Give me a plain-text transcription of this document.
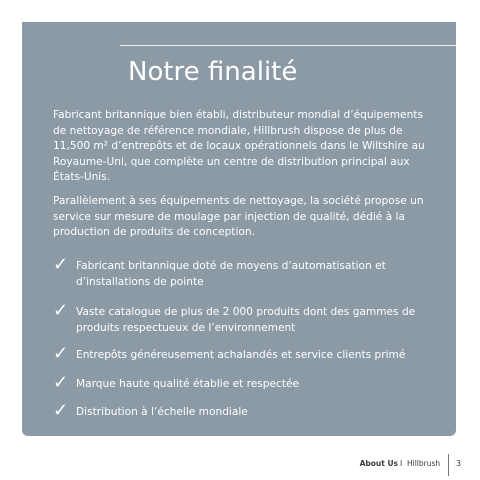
Notre finalité

Fabricant britannique bien établi, distributeur mondial d’équipements de nettoyage de référence mondiale, Hillbrush dispose de plus de 11,500 m² d’entrepôts et de locaux opérationnels dans le Wiltshire au Royaume-Uni, que complète un centre de distribution principal aux États-Unis.

Parallèlement à ses équipements de nettoyage, la société propose un service sur mesure de moulage par injection de qualité, dédié à la production de produits de conception.

✓ Fabricant britannique doté de moyens d’automatisation et d’installations de pointe
✓ Vaste catalogue de plus de 2 000 produits dont des gammes de produits respectueux de l’environnement
✓ Entrepôts généreusement achalandés et service clients primé
✓ Marque haute qualité établie et respectée
✓ Distribution à l’échelle mondiale
About Us I Hillbrush 3
